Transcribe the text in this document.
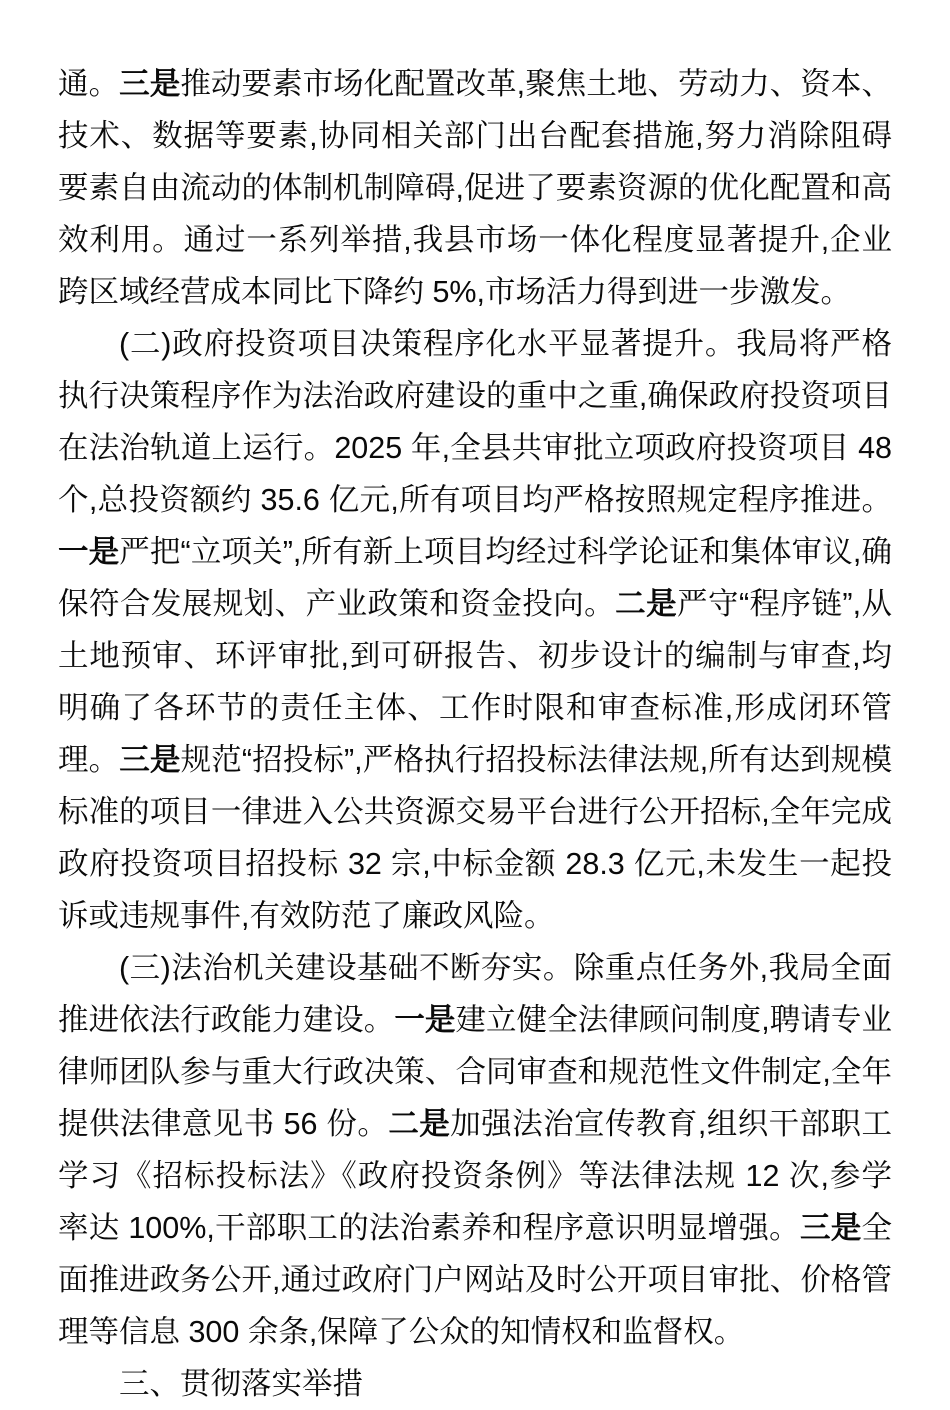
通。三是推动要素市场化配置改革,聚焦土地、劳动力、资本、技术、数据等要素,协同相关部门出台配套措施,努力消除阻碍要素自由流动的体制机制障碍,促进了要素资源的优化配置和高效利用。通过一系列举措,我县市场一体化程度显著提升,企业跨区域经营成本同比下降约 5%,市场活力得到进一步激发。

(二)政府投资项目决策程序化水平显著提升。我局将严格执行决策程序作为法治政府建设的重中之重,确保政府投资项目在法治轨道上运行。2025 年,全县共审批立项政府投资项目 48 个,总投资额约 35.6 亿元,所有项目均严格按照规定程序推进。一是严把“立项关”,所有新上项目均经过科学论证和集体审议,确保符合发展规划、产业政策和资金投向。二是严守“程序链”,从土地预审、环评审批,到可研报告、初步设计的编制与审查,均明确了各环节的责任主体、工作时限和审查标准,形成闭环管理。三是规范“招投标”,严格执行招投标法律法规,所有达到规模标准的项目一律进入公共资源交易平台进行公开招标,全年完成政府投资项目招投标 32 宗,中标金额 28.3 亿元,未发生一起投诉或违规事件,有效防范了廉政风险。

(三)法治机关建设基础不断夯实。除重点任务外,我局全面推进依法行政能力建设。一是建立健全法律顾问制度,聘请专业律师团队参与重大行政决策、合同审查和规范性文件制定,全年提供法律意见书 56 份。二是加强法治宣传教育,组织干部职工学习《招标投标法》《政府投资条例》等法律法规 12 次,参学率达 100%,干部职工的法治素养和程序意识明显增强。三是全面推进政务公开,通过政府门户网站及时公开项目审批、价格管理等信息 300 余条,保障了公众的知情权和监督权。

三、贯彻落实举措
